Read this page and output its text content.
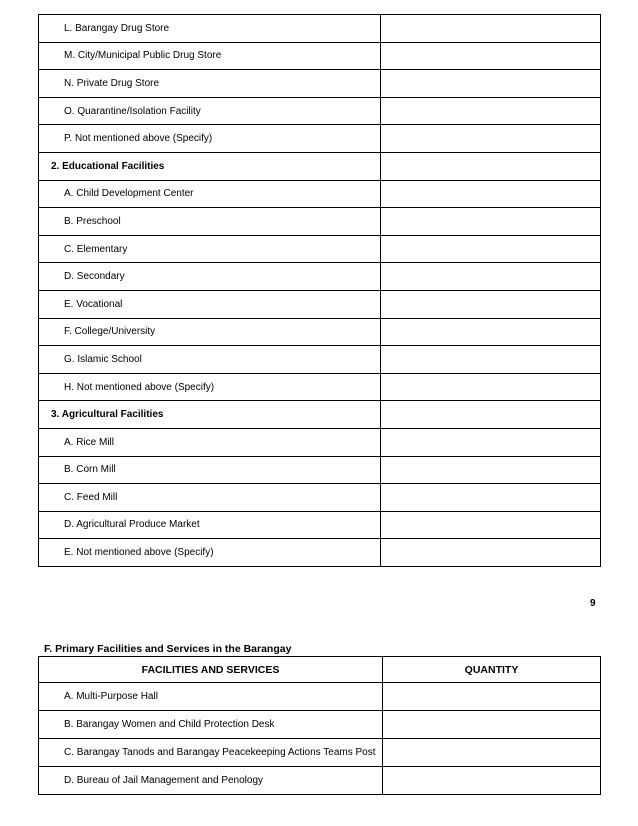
L. Barangay Drug Store	
M. City/Municipal Public Drug Store	
N. Private Drug Store	
O. Quarantine/Isolation Facility	
P. Not mentioned above (Specify)	
2. Educational Facilities	
A. Child Development Center	
B. Preschool	
C. Elementary	
D. Secondary	
E. Vocational	
F. College/University	
G. Islamic School	
H. Not mentioned above (Specify)	
3. Agricultural Facilities	
A. Rice Mill	
B. Corn Mill	
C. Feed Mill	
D. Agricultural Produce Market	
E. Not mentioned above (Specify)	
9
F. Primary Facilities and Services in the Barangay
FACILITIES AND SERVICES	QUANTITY
A. Multi-Purpose Hall	
B. Barangay Women and Child Protection Desk	
C. Barangay Tanods and Barangay Peacekeeping Actions Teams Post	
D. Bureau of Jail Management and Penology	
